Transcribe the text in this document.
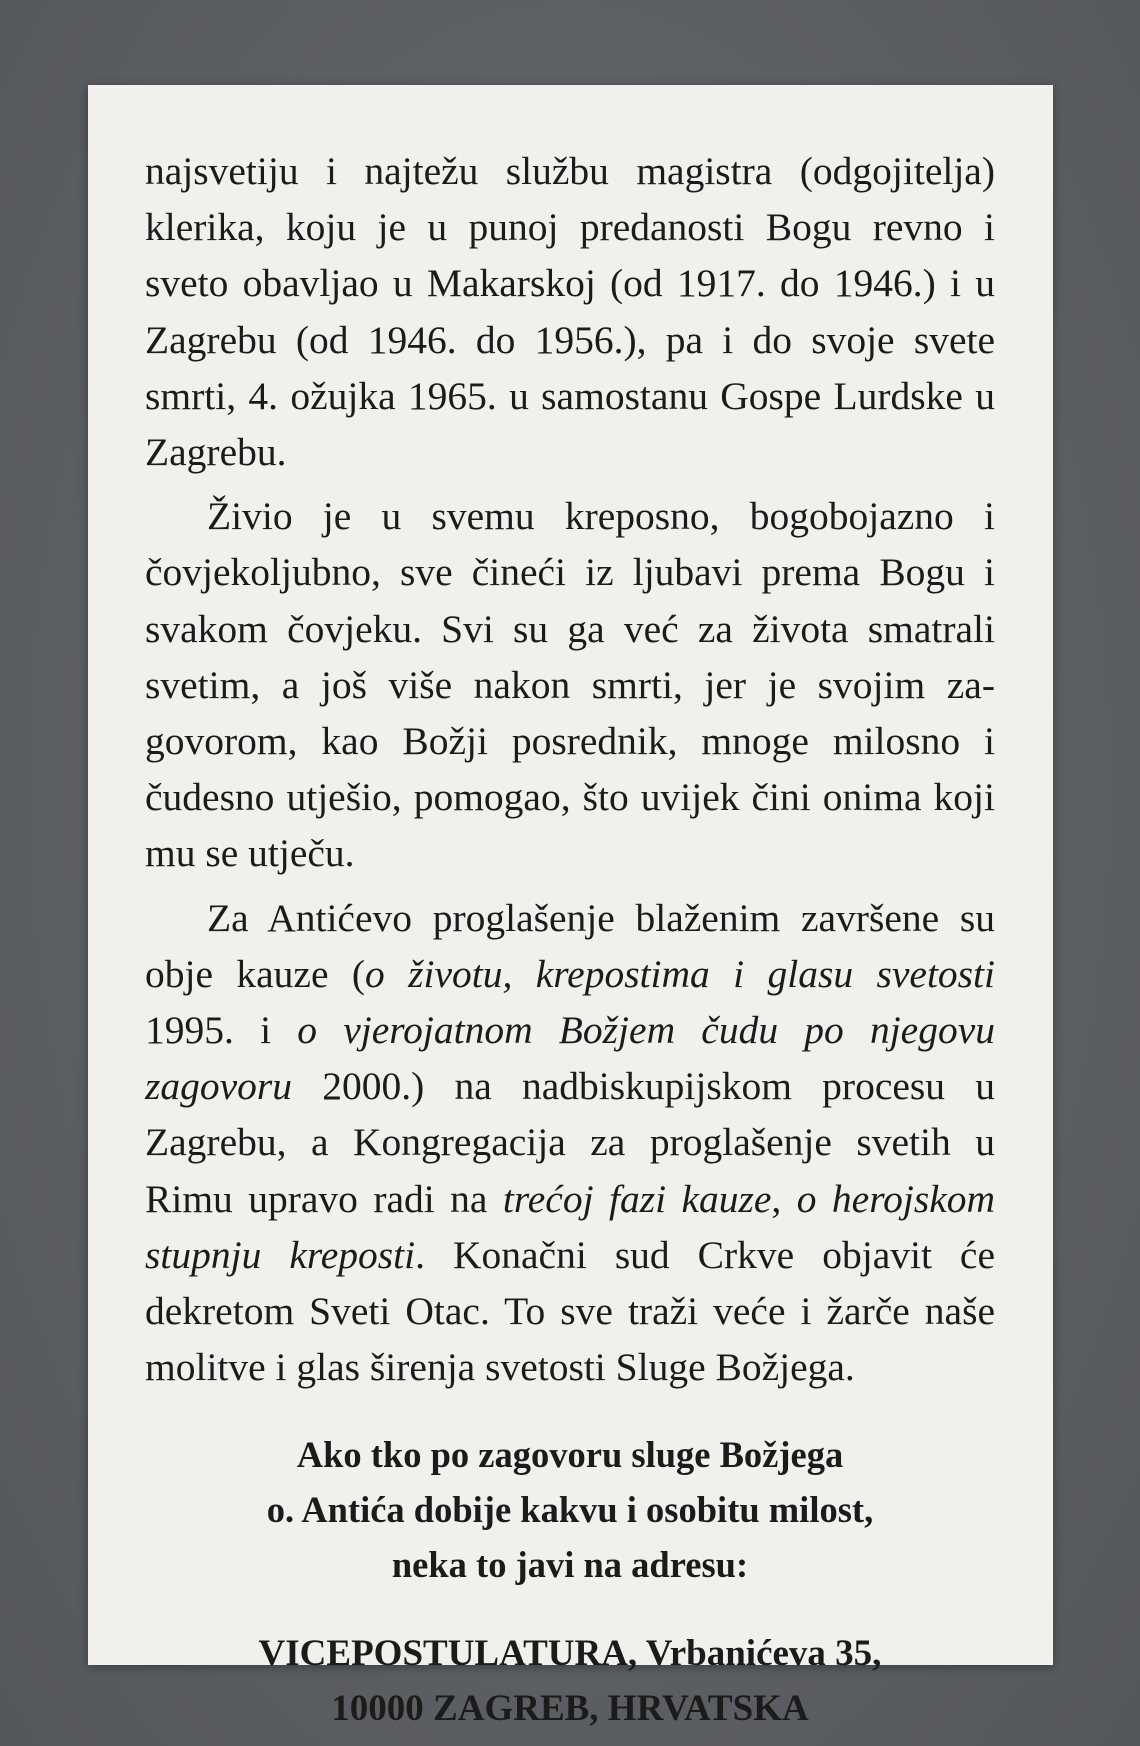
najsvetiju i najtežu službu magistra (odgojitelja) klerika, koju je u punoj predanosti Bogu revno i sveto obavljao u Makarskoj (od 1917. do 1946.) i u Zagrebu (od 1946. do 1956.), pa i do svoje svete smrti, 4. ožujka 1965. u samostanu Gospe Lurdske u Zagrebu.

Živio je u svemu kreposno, bogobojazno i čovjekoljubno, sve čineći iz ljubavi prema Bogu i svakom čovjeku. Svi su ga već za života smatrali svetim, a još više nakon smrti, jer je svojim zagovorom, kao Božji posrednik, mnoge milosno i čudesno utješio, pomogao, što uvijek čini onima koji mu se utječu.

Za Antićevo proglašenje blaženim završene su obje kauze (o životu, krepostima i glasu svetosti 1995. i o vjerojatnom Božjem čudu po njegovu zagovoru 2000.) na nadbiskupijskom procesu u Zagrebu, a Kongregacija za proglašenje svetih u Rimu upravo radi na trećoj fazi kauze, o herojskom stupnju kreposti. Konačni sud Crkve objavit će dekretom Sveti Otac. To sve traži veće i žarče naše molitve i glas širenja svetosti Sluge Božjega.

Ako tko po zagovoru sluge Božjega
o. Antića dobije kakvu i osobitu milost,
neka to javi na adresu:
VICEPOSTULATURA, Vrbanićeva 35,
10000 ZAGREB, HRVATSKA
